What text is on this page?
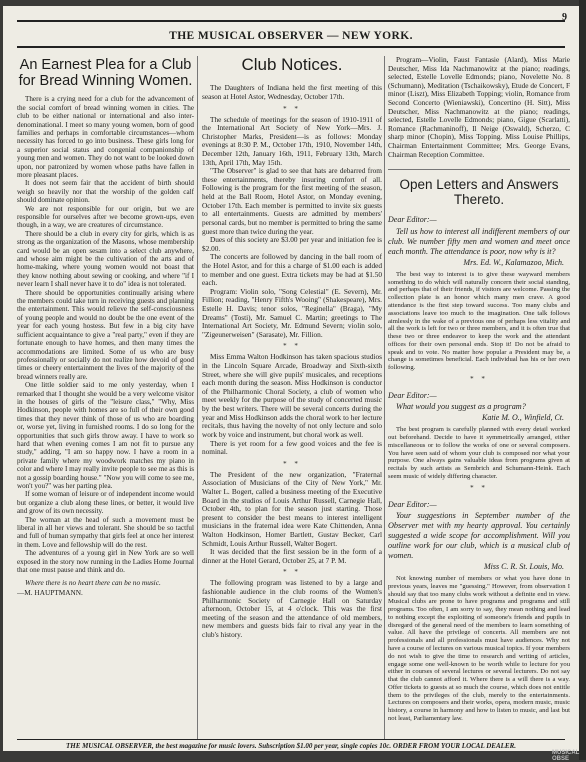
9
THE MUSICAL OBSERVER — NEW YORK.
An Earnest Plea for a Club for Bread Winning Women.

There is a crying need for a club for the advancement of the social comfort of bread winning women in cities. The club to be either national or international and also inter-denominational. I meet so many young women, born of good families and perhaps in comfortable circumstances—whom necessity has forced to go into business. These girls long for a superior social status and congenial companionship of young men and women. They do not want to be looked down upon, nor patronized by women whose paths have fallen in more pleasant places.

It does not seem fair that the accident of birth should weigh so heavily nor that the worship of the golden calf should dominate opinion.

We are not responsible for our origin, but we are responsible for ourselves after we become grown-ups, even though, in a way, we are creatures of circumstance.

There should be a club in every city for girls, which is as strong as the organization of the Masons, whose membership card would be an open sesam into a select club anywhere, and whose aim might be the cultivation of the arts and of home-making, where young women would not boast that they know nothing about sewing or cooking, and where "if I never learn I shall never have it to do" idea is not tolerated.

There should be opportunities continually arising where the members could take turn in receiving guests and planning the entertainment. This would relieve the self-consciousness of young people and would no doubt be the one event of the year for each young hostess. But few in a big city have sufficient acquaintance to give a "real party," even if they are fortunate enough to have homes, and then many times the accommodations are limited. Some of us who are busy professionally or socially do not realize how devoid of good times or cheery entertainment the lives of the majority of the bread winners really are.

One little soldier said to me only yesterday, when I remarked that I thought she would be a very welcome visitor in the houses of girls of the "leisure class," "Why, Miss Hodkinson, people with homes are so full of their own good times that they never think of those of us who are boarding or, worse yet, living in furnished rooms. I do so long for the opportunities that such girls throw away. I have to work so hard that when evening comes I am not fit to pursue any study," adding, "I am so happy now. I have a room in a private family where my woodwork matches my piano in color and where I may really invite people to see me as this is not a gossip boarding house." "Now you will come to see me, won't you?" was her parting plea.

If some woman of leisure or of independent income would but organize a club along these lines, or better, it would live and grow of its own necessity.

The woman at the head of such a movement must be liberal in all her views and tolerant. She should be so tactful and full of human sympathy that girls feel at once her interest in them. Love and fellowship will do the rest.

The adventures of a young girl in New York are so well exposed in the story now running in the Ladies Home Journal that one must pause and think and do.

Where there is no heart there can be no music.
—M. HAUPTMANN.
Club Notices.

The Daughters of Indiana held the first meeting of this season at Hotel Astor, Wednesday, October 17th.

* *

The schedule of meetings for the season of 1910-1911 of the International Art Society of New York—Mrs. J. Christopher Marks, President—is as follows: Monday evenings at 8:30 P. M., October 17th, 1910, November 14th, December 12th, January 16th, 1911, February 13th, March 13th, April 17th, May 15th.

"The Observer" is glad to see that hats are debarred from these entertainments, thereby insuring comfort of all. Following is the program for the first meeting of the season, held at the Ball Room, Hotel Astor, on Monday evening, October 17th. Each member is permitted to invite six guests to all entertainments. Guests are admitted by members' personal cards, but no member is permitted to bring the same guest more than twice during the year.

Dues of this society are $3.00 per year and initiation fee is $2.00.

The concerts are followed by dancing in the ball room of the Hotel Astor, and for this a charge of $1.00 each is added to member and one guest. Extra tickets may be had at $1.50 each.

Program: Violin solo, "Song Celestial" (E. Severn), Mr. Fillion; reading, "Henry Fifth's Wooing" (Shakespeare), Mrs. Estelle H. Davis; tenor solos, "Reginella" (Braga), "My Dreams" (Tosti), Mr. Samuel C. Martin; greetings to The International Art Society, Mr. Edmund Severn; violin solo, "Zigeunerweisen" (Sarasate), Mr. Fillion.

* *

Miss Emma Walton Hodkinson has taken spacious studios in the Lincoln Square Arcade, Broadway and Sixth-sixth Street, where she will give pupils' musicales, and receptions each month during the season. Miss Hodkinson is conductor of the Philharmonic Choral Society, a club of women who meet weekly for the purpose of the study of concerted music by the best writers. There will be several concerts during the year and Miss Hodkinson adds the choral work to her lecture recitals, thus having the novelty of not only lecture and solo work by voice and instrument, but choral work as well.

There is yet room for a few good voices and the fee is nominal.

* *

The President of the new organization, "Fraternal Association of Musicians of the City of New York," Mr. Walter L. Bogert, called a business meeting of the Executive Board in the studios of Louis Arthur Russell, Carnegie Hall, October 4th, to plan for the season just starting. Those present to consider the best means to interest intelligent musicians in the fraternal idea were Kate Chittenden, Anna Walton Hodkinson, Homer Bartlett, Gustav Becker, Carl Schmidt, Louis Arthur Russell, Walter Bogert.

It was decided that the first session be in the form of a dinner at the Hotel Gerard, October 25, at 7 P. M.

* *

The following program was listened to by a large and fashionable audience in the club rooms of the Women's Philharmonic Society of Carnegie Hall on Saturday afternoon, October 15, at 4 o'clock. This was the first meeting of the season and the attendance of old members, new members and guests bids fair to rival any year in the club's history.

Program—Violin, Faust Fantasie (Alard), Miss Marie Deutscher, Miss Ida Nachmanowitz at the piano; readings, selected, Estelle Lovelle Edmonds; piano, Novelette No. 8 (Schumann), Meditation (Tschaikowsky), Etude de Concert, F minor (Liszt), Miss Elizabeth Topping; violin, Romance from Second Concerto (Wieniawski), Concertino (H. Sitt), Miss Deutscher, Miss Nachmanowitz at the piano; readings, selected, Estelle Lovelle Edmonds; piano, Gigue (Scarlatti), Romance (Rachmaninoff), Il Neige (Oswald), Scherzo, C sharp minor (Chopin), Miss Topping. Miss Louise Phillips, Chairman Entertainment Committee; Mrs. George Evans, Chairman Reception Committee.

Open Letters and Answers Thereto.

Dear Editor:—

Tell us how to interest all indifferent members of our club. We number fifty men and women and meet once each month. The attendance is poor, now why is it?

Mrs. Ed. W., Kalamazoo, Mich.

The best way to interest is to give these wayward members something to do which will naturally concern their social standing, and perhaps that of their friends, if visitors are welcome. Passing the collection plate is an honor which many men crave. A good attendance is the first step toward success. Too many clubs and associations leave too much to the imagination. One talk follows aimlessly in the wake of a previous one of perhaps less vitality and all the work is left for two or three members, and it is often true that these two or three endeavor to keep the work and the attendant offices for their own personal ends. Stop it! Do not be afraid to speak and to vote. No matter how popular a President may be, a change is sometimes beneficial. Each individual has his or her own following.

* *

Dear Editor:—

What would you suggest as a program?

Katie M. O., Winfield, Ct.

The best program is carefully planned with every detail worked out beforehand. Decide to have it symmetrically arranged, either miscellaneous or to follow the works of one or several composers. You have seen said of whom your club is composed nor what your purpose. One always gains valuable ideas from programs given at recitals by such artists as Sembrich and Schumann-Heink. Each seem music of widely differing character.

* *

Dear Editor:—

Your suggestions in September number of the Observer met with my hearty approval. You certainly suggested a wide scope for accomplishment. Will you outline work for our club, which is a musical club of women.

Miss C. R. St. Louis, Mo.

Not knowing number of members or what you have done in previous years, leaves me "guessing." However, from observation I should say that too many clubs work without a definite end in view. Musical clubs are prone to have programs and programs and still programs. Too often, I am sorry to say, they mean nothing and lead to nothing except the exploiting of someone's friends and pupils in disregard of the general need of the members to learn something of value. All have the privilege of concerts. All members are not professionals and all professionals must have audiences. Why not have a course of lectures on various musical topics. If your members do not wish to give the time to research and writing of articles, engage some one well-known to be worth while to lecture for you either in courses of several lectures or several lecturers. Do not say that the club cannot afford it. Where there is a will there is a way. Offer tickets to guests at so much the course, which does not entitle them to the privileges of the club, merely to the entertainments. Lectures on composers and their works, opera, modern music, music history, a course in harmony and how to listen to music, and last but not least, Parliamentary law.

THE MUSICAL OBSERVER, the best magazine for music lovers. Subscription $1.00 per year, single copies 10c. ORDER FROM YOUR LOCAL DEALER.
MUSICAL OBSE
